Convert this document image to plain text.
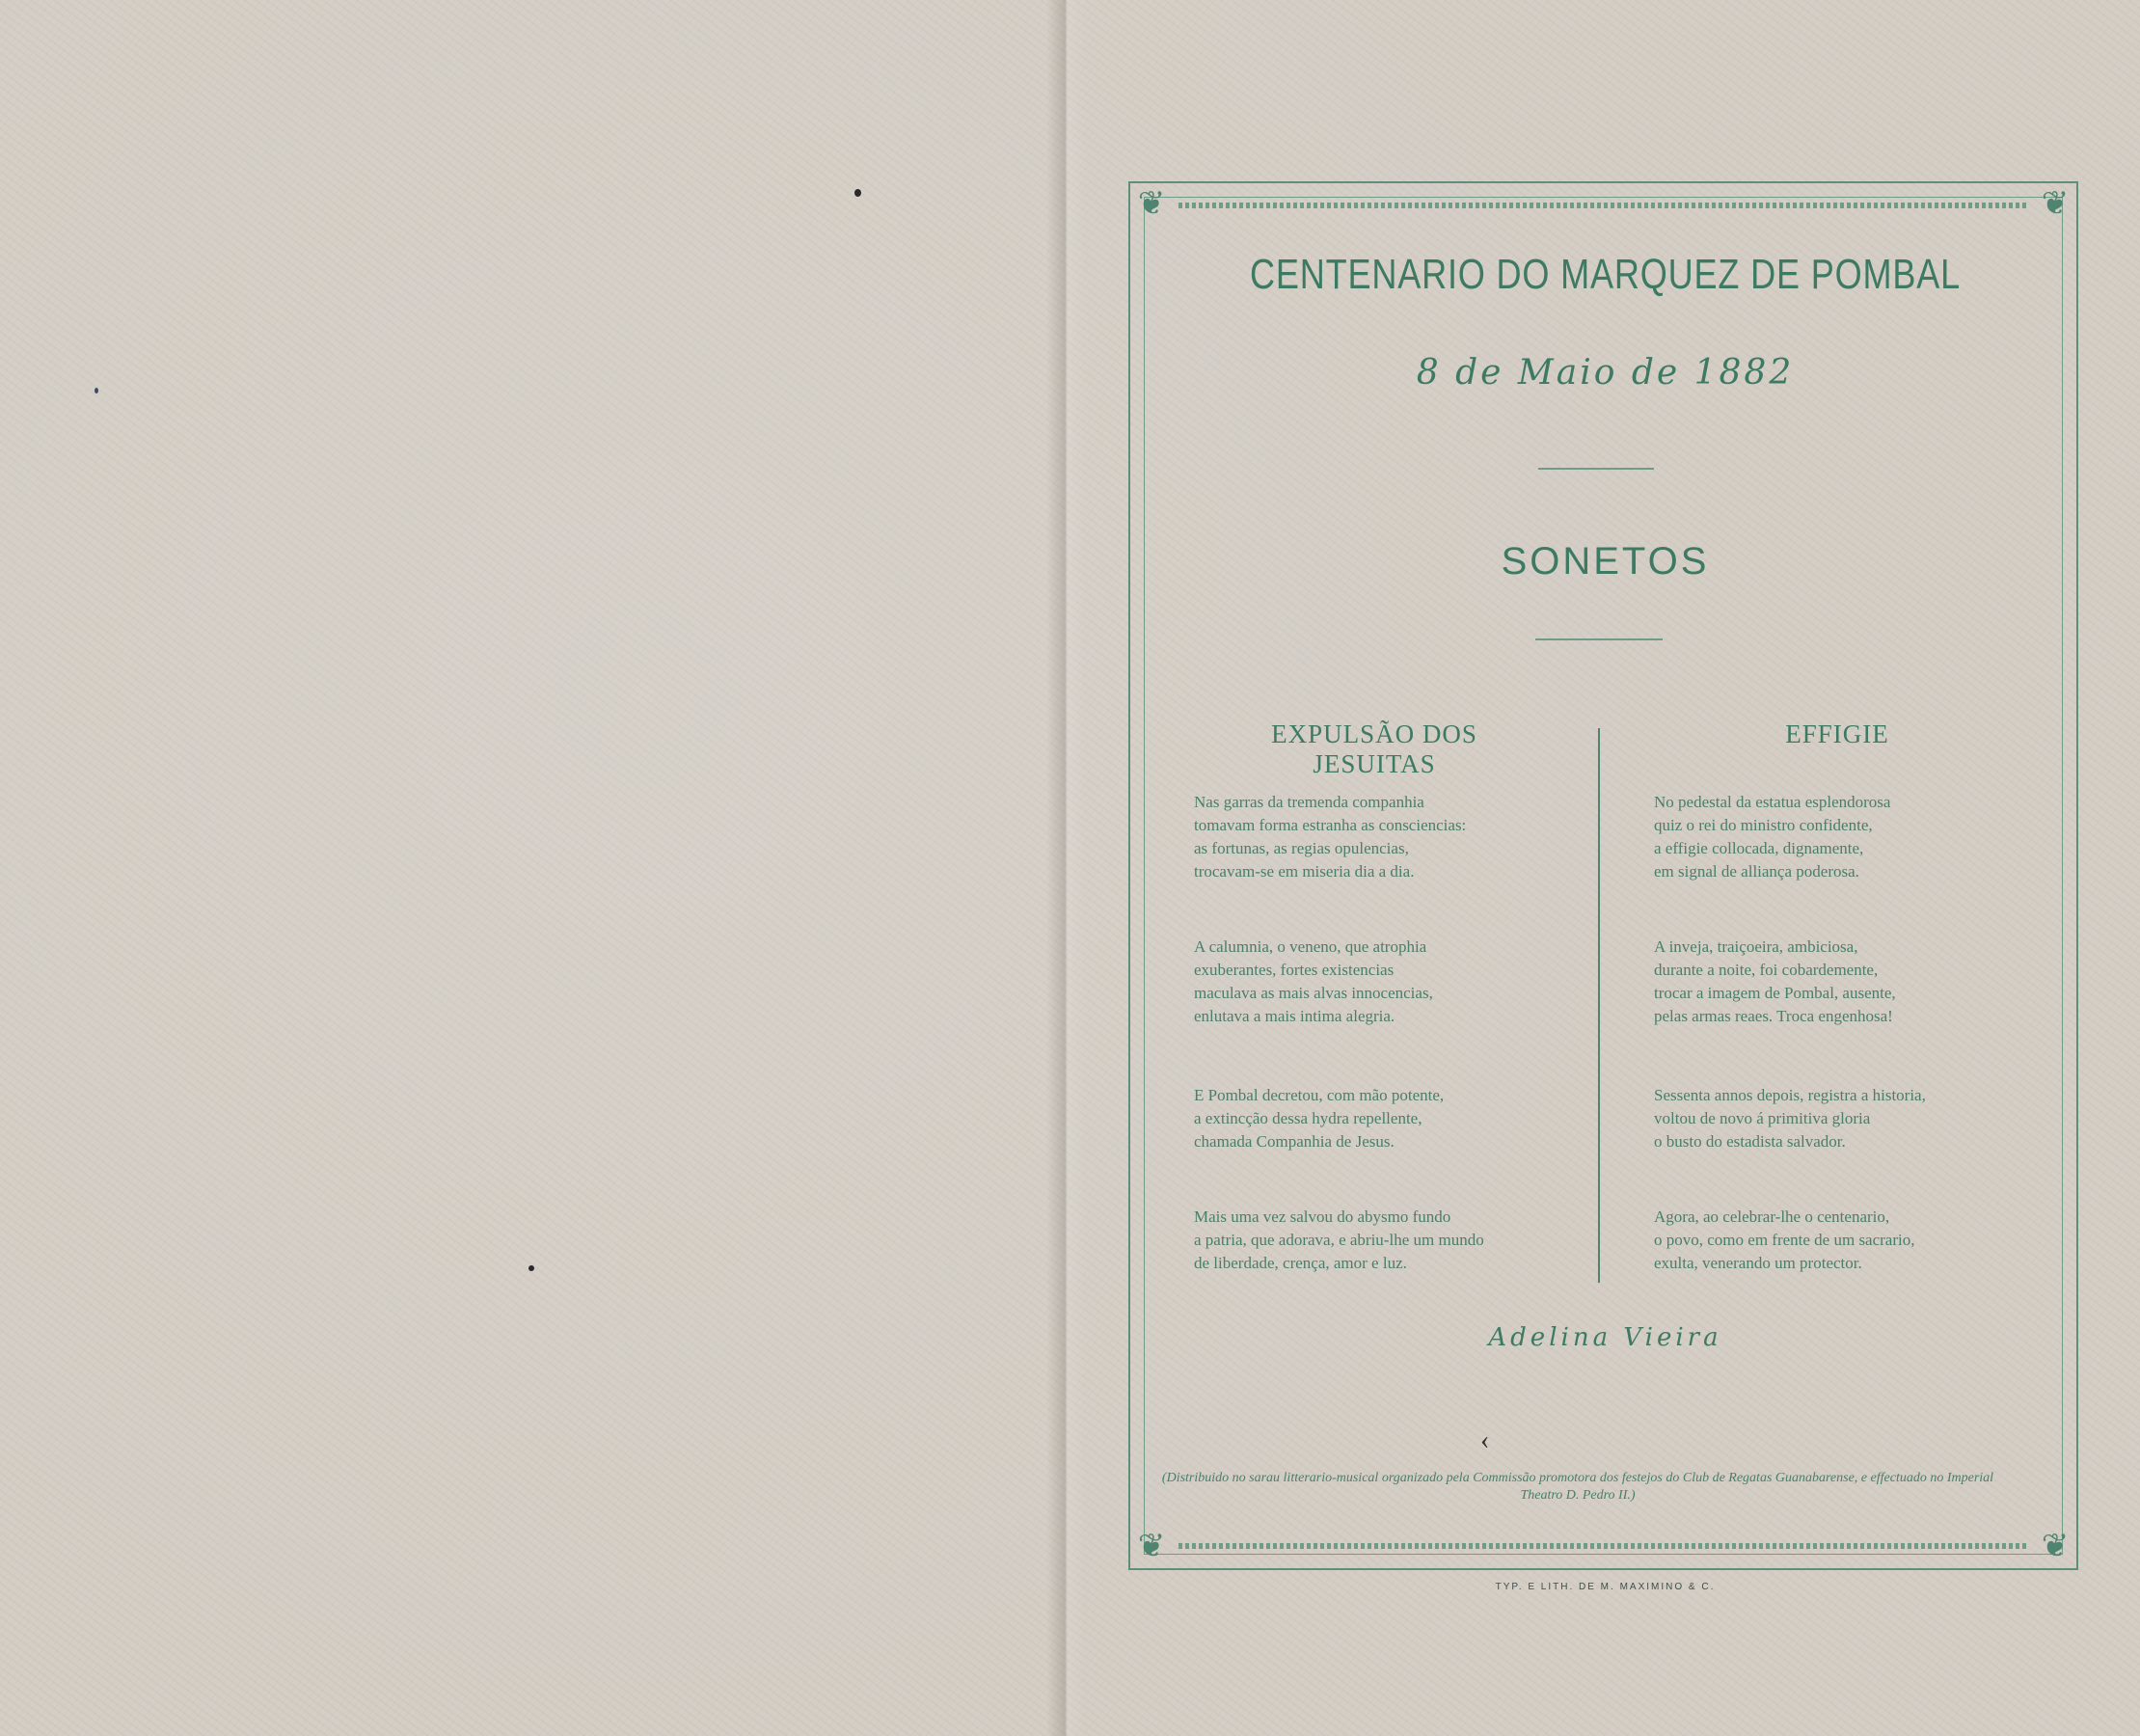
❦	❦
❦	❦
CENTENARIO DO MARQUEZ DE POMBAL
8 de Maio de 1882
SONETOS
EXPULSÃO DOS JESUITAS
EFFIGIE
Nas garras da tremenda companhia
tomavam forma estranha as consciencias:
as fortunas, as regias opulencias,
trocavam-se em miseria dia a dia.
A calumnia, o veneno, que atrophia
exuberantes, fortes existencias
maculava as mais alvas innocencias,
enlutava a mais intima alegria.
E Pombal decretou, com mão potente,
a extincção dessa hydra repellente,
chamada Companhia de Jesus.
Mais uma vez salvou do abysmo fundo
a patria, que adorava, e abriu-lhe um mundo
de liberdade, crença, amor e luz.
No pedestal da estatua esplendorosa
quiz o rei do ministro confidente,
a effigie collocada, dignamente,
em signal de alliança poderosa.
A inveja, traiçoeira, ambiciosa,
durante a noite, foi cobardemente,
trocar a imagem de Pombal, ausente,
pelas armas reaes. Troca engenhosa!
Sessenta annos depois, registra a historia,
voltou de novo á primitiva gloria
o busto do estadista salvador.
Agora, ao celebrar-lhe o centenario,
o povo, como em frente de um sacrario,
exulta, venerando um protector.
Adelina Vieira
‹
(Distribuido no sarau litterario-musical organizado pela Commissão promotora dos festejos do Club de Regatas Guanabarense, e effectuado no Imperial Theatro D. Pedro II.)
TYP. E LITH. DE M. MAXIMINO & C.
